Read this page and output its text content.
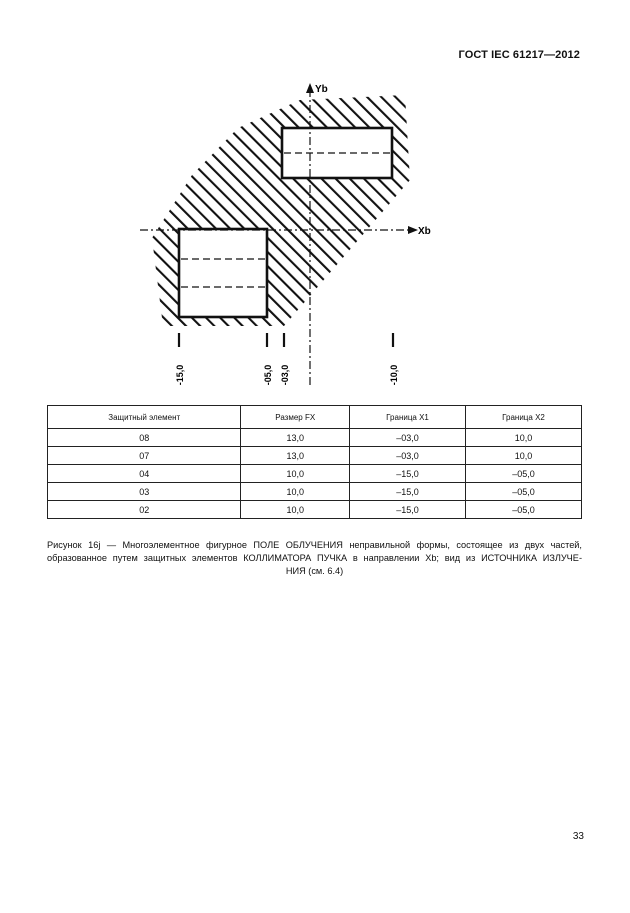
ГОСТ IEC 61217—2012
Yb
Xb
-15,0	-05,0 -03,0	-10,0
Защитный элемент	Размер FX	Граница X1	Граница X2
08	13,0	–03,0	10,0
07	13,0	–03,0	10,0
04	10,0	–15,0	–05,0
03	10,0	–15,0	–05,0
02	10,0	–15,0	–05,0
Рисунок 16j — Многоэлементное фигурное ПОЛЕ ОБЛУЧЕНИЯ неправильной формы, состоящее из двух частей,
образованное путем защитных элементов КОЛЛИМАТОРА ПУЧКА в направлении Xb; вид из ИСТОЧНИКА ИЗЛУЧЕ-
НИЯ (см. 6.4)
33
